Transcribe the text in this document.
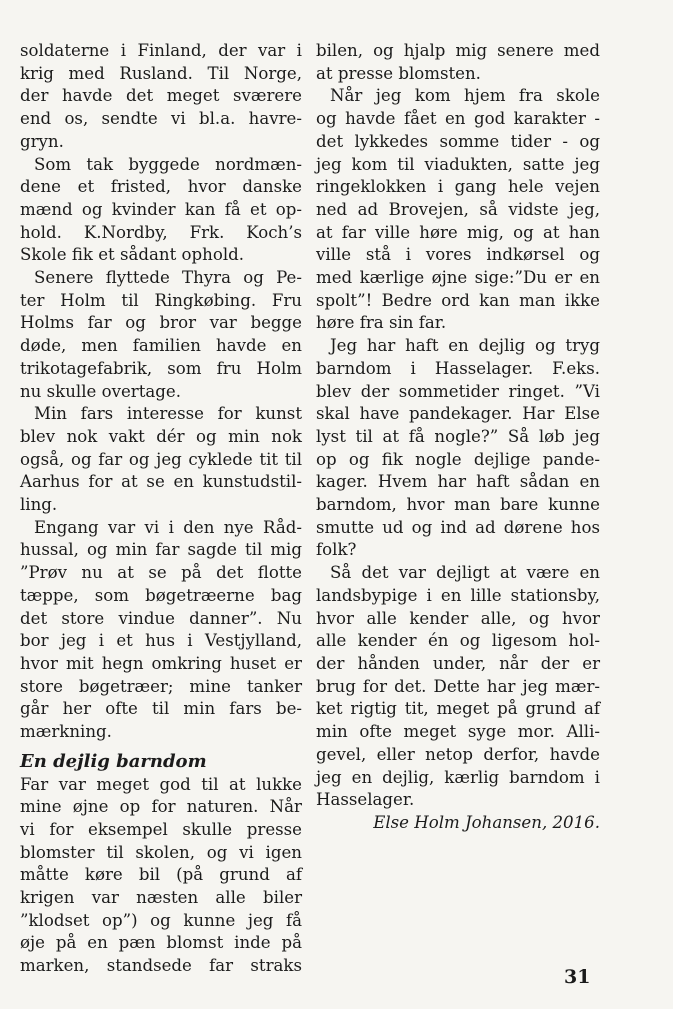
soldaterne i Finland, der var i
krig med Rusland. Til Norge,
der havde det meget sværere
end os, sendte vi bl.a. havre-
gryn.
Som tak byggede nordmæn-
dene et fristed, hvor danske
mænd og kvinder kan få et op-
hold. K.Nordby, Frk. Koch’s
Skole fik et sådant ophold.
Senere flyttede Thyra og Pe-
ter Holm til Ringkøbing. Fru
Holms far og bror var begge
døde, men familien havde en
trikotagefabrik, som fru Holm
nu skulle overtage.
Min fars interesse for kunst
blev nok vakt dér og min nok
også, og far og jeg cyklede tit til
Aarhus for at se en kunstudstil-
ling.
Engang var vi i den nye Råd-
hussal, og min far sagde til mig
”Prøv nu at se på det flotte
tæppe, som bøgetræerne bag
det store vindue danner”. Nu
bor jeg i et hus i Vestjylland,
hvor mit hegn omkring huset er
store bøgetræer; mine tanker
går her ofte til min fars be-
mærkning.
En dejlig barndom
Far var meget god til at lukke
mine øjne op for naturen. Når
vi for eksempel skulle presse
blomster til skolen, og vi igen
måtte køre bil (på grund af
krigen var næsten alle biler
”klodset op”) og kunne jeg få
øje på en pæn blomst inde på
marken, standsede far straks
bilen, og hjalp mig senere med
at presse blomsten.
Når jeg kom hjem fra skole
og havde fået en god karakter -
det lykkedes somme tider - og
jeg kom til viadukten, satte jeg
ringeklokken i gang hele vejen
ned ad Brovejen, så vidste jeg,
at far ville høre mig, og at han
ville stå i vores indkørsel og
med kærlige øjne sige:”Du er en
spolt”! Bedre ord kan man ikke
høre fra sin far.
Jeg har haft en dejlig og tryg
barndom i Hasselager. F.eks.
blev der sommetider ringet. ”Vi
skal have pandekager. Har Else
lyst til at få nogle?” Så løb jeg
op og fik nogle dejlige pande-
kager. Hvem har haft sådan en
barndom, hvor man bare kunne
smutte ud og ind ad dørene hos
folk?
Så det var dejligt at være en
landsbypige i en lille stationsby,
hvor alle kender alle, og hvor
alle kender én og ligesom hol-
der hånden under, når der er
brug for det. Dette har jeg mær-
ket rigtig tit, meget på grund af
min ofte meget syge mor. Alli-
gevel, eller netop derfor, havde
jeg en dejlig, kærlig barndom i
Hasselager.
Else Holm Johansen, 2016.
31
